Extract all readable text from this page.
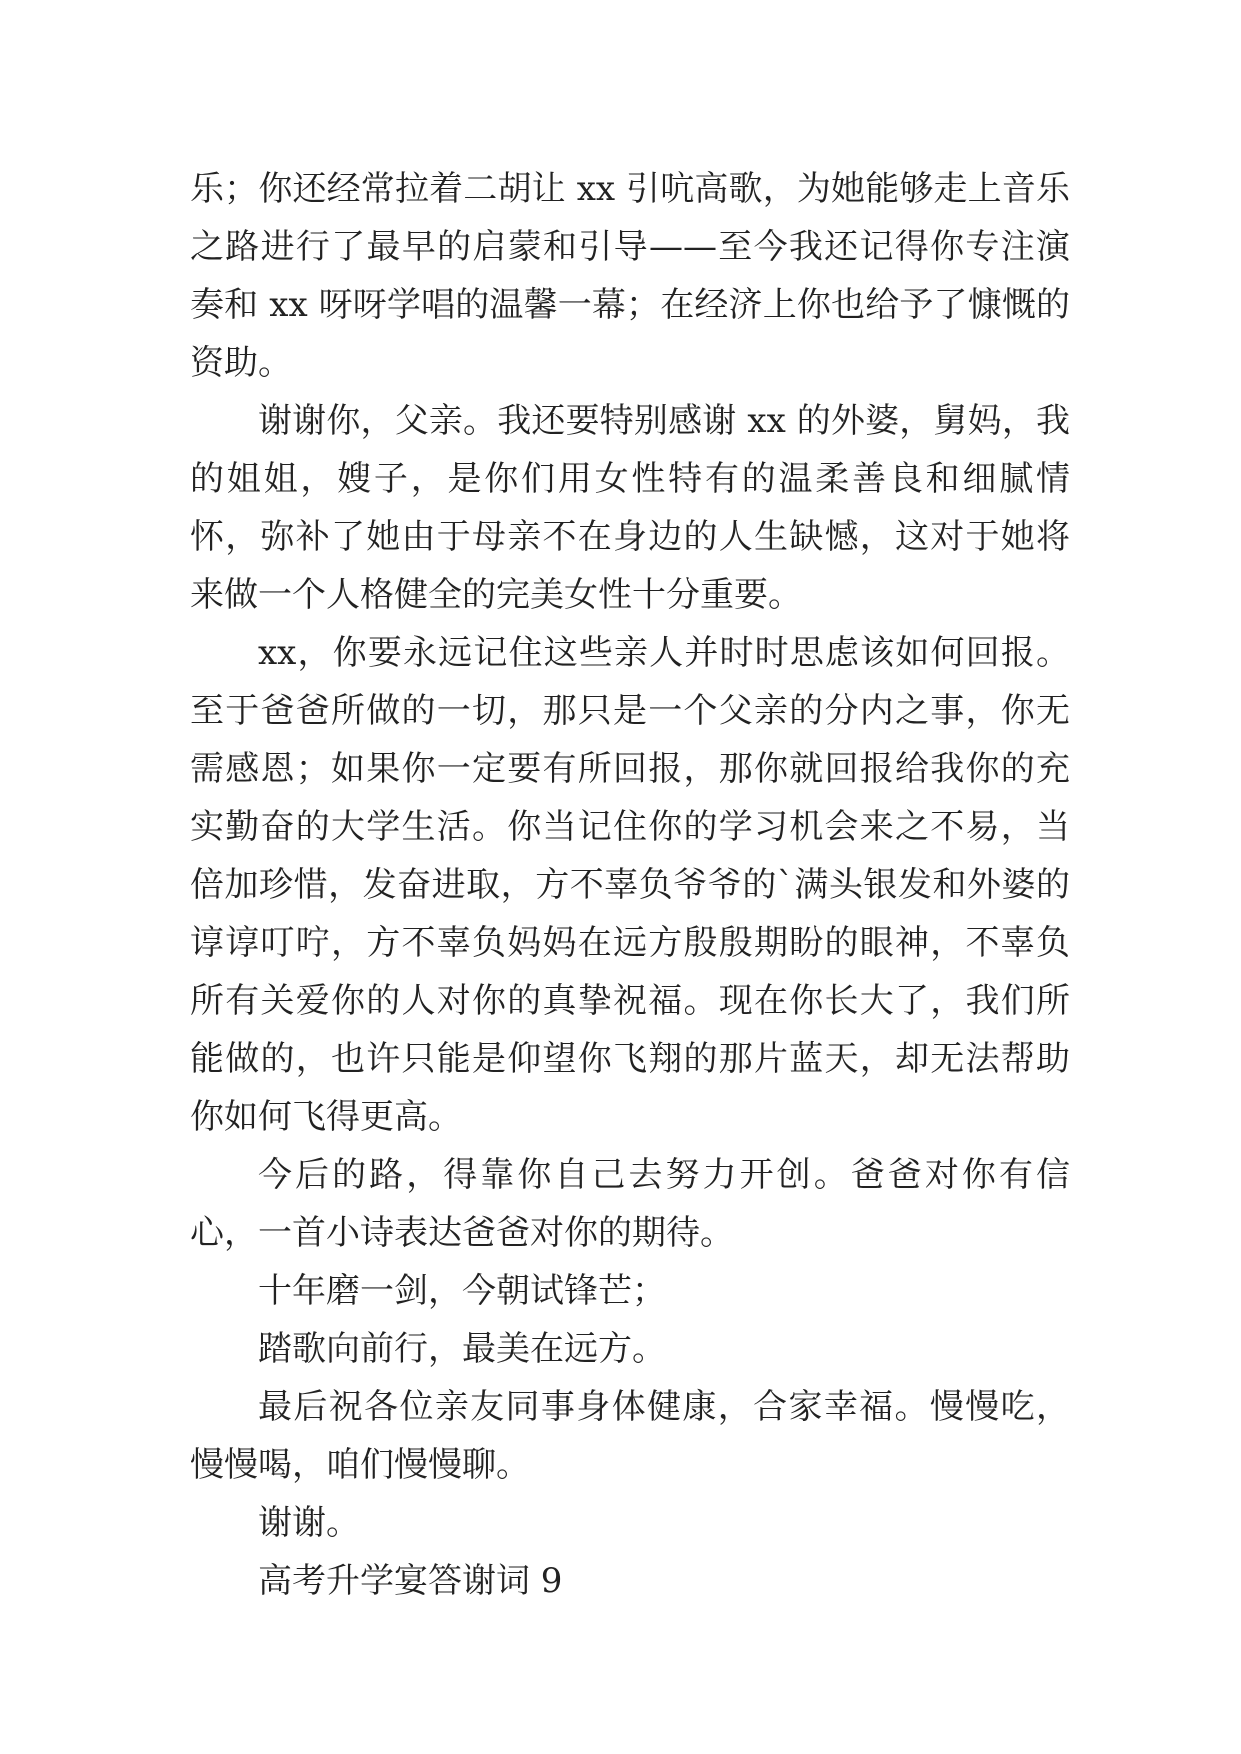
乐；你还经常拉着二胡让 xx 引吭高歌，为她能够走上音乐之路进行了最早的启蒙和引导——至今我还记得你专注演奏和 xx 呀呀学唱的温馨一幕；在经济上你也给予了慷慨的资助。

谢谢你，父亲。我还要特别感谢 xx 的外婆，舅妈，我的姐姐，嫂子，是你们用女性特有的温柔善良和细腻情怀，弥补了她由于母亲不在身边的人生缺憾，这对于她将来做一个人格健全的完美女性十分重要。

xx，你要永远记住这些亲人并时时思虑该如何回报。至于爸爸所做的一切，那只是一个父亲的分内之事，你无需感恩；如果你一定要有所回报，那你就回报给我你的充实勤奋的大学生活。你当记住你的学习机会来之不易，当倍加珍惜，发奋进取，方不辜负爷爷的`满头银发和外婆的谆谆叮咛，方不辜负妈妈在远方殷殷期盼的眼神，不辜负所有关爱你的人对你的真挚祝福。现在你长大了，我们所能做的，也许只能是仰望你飞翔的那片蓝天，却无法帮助你如何飞得更高。

今后的路，得靠你自己去努力开创。爸爸对你有信心，一首小诗表达爸爸对你的期待。

十年磨一剑，今朝试锋芒；

踏歌向前行，最美在远方。

最后祝各位亲友同事身体健康，合家幸福。慢慢吃，慢慢喝，咱们慢慢聊。

谢谢。

高考升学宴答谢词 9
